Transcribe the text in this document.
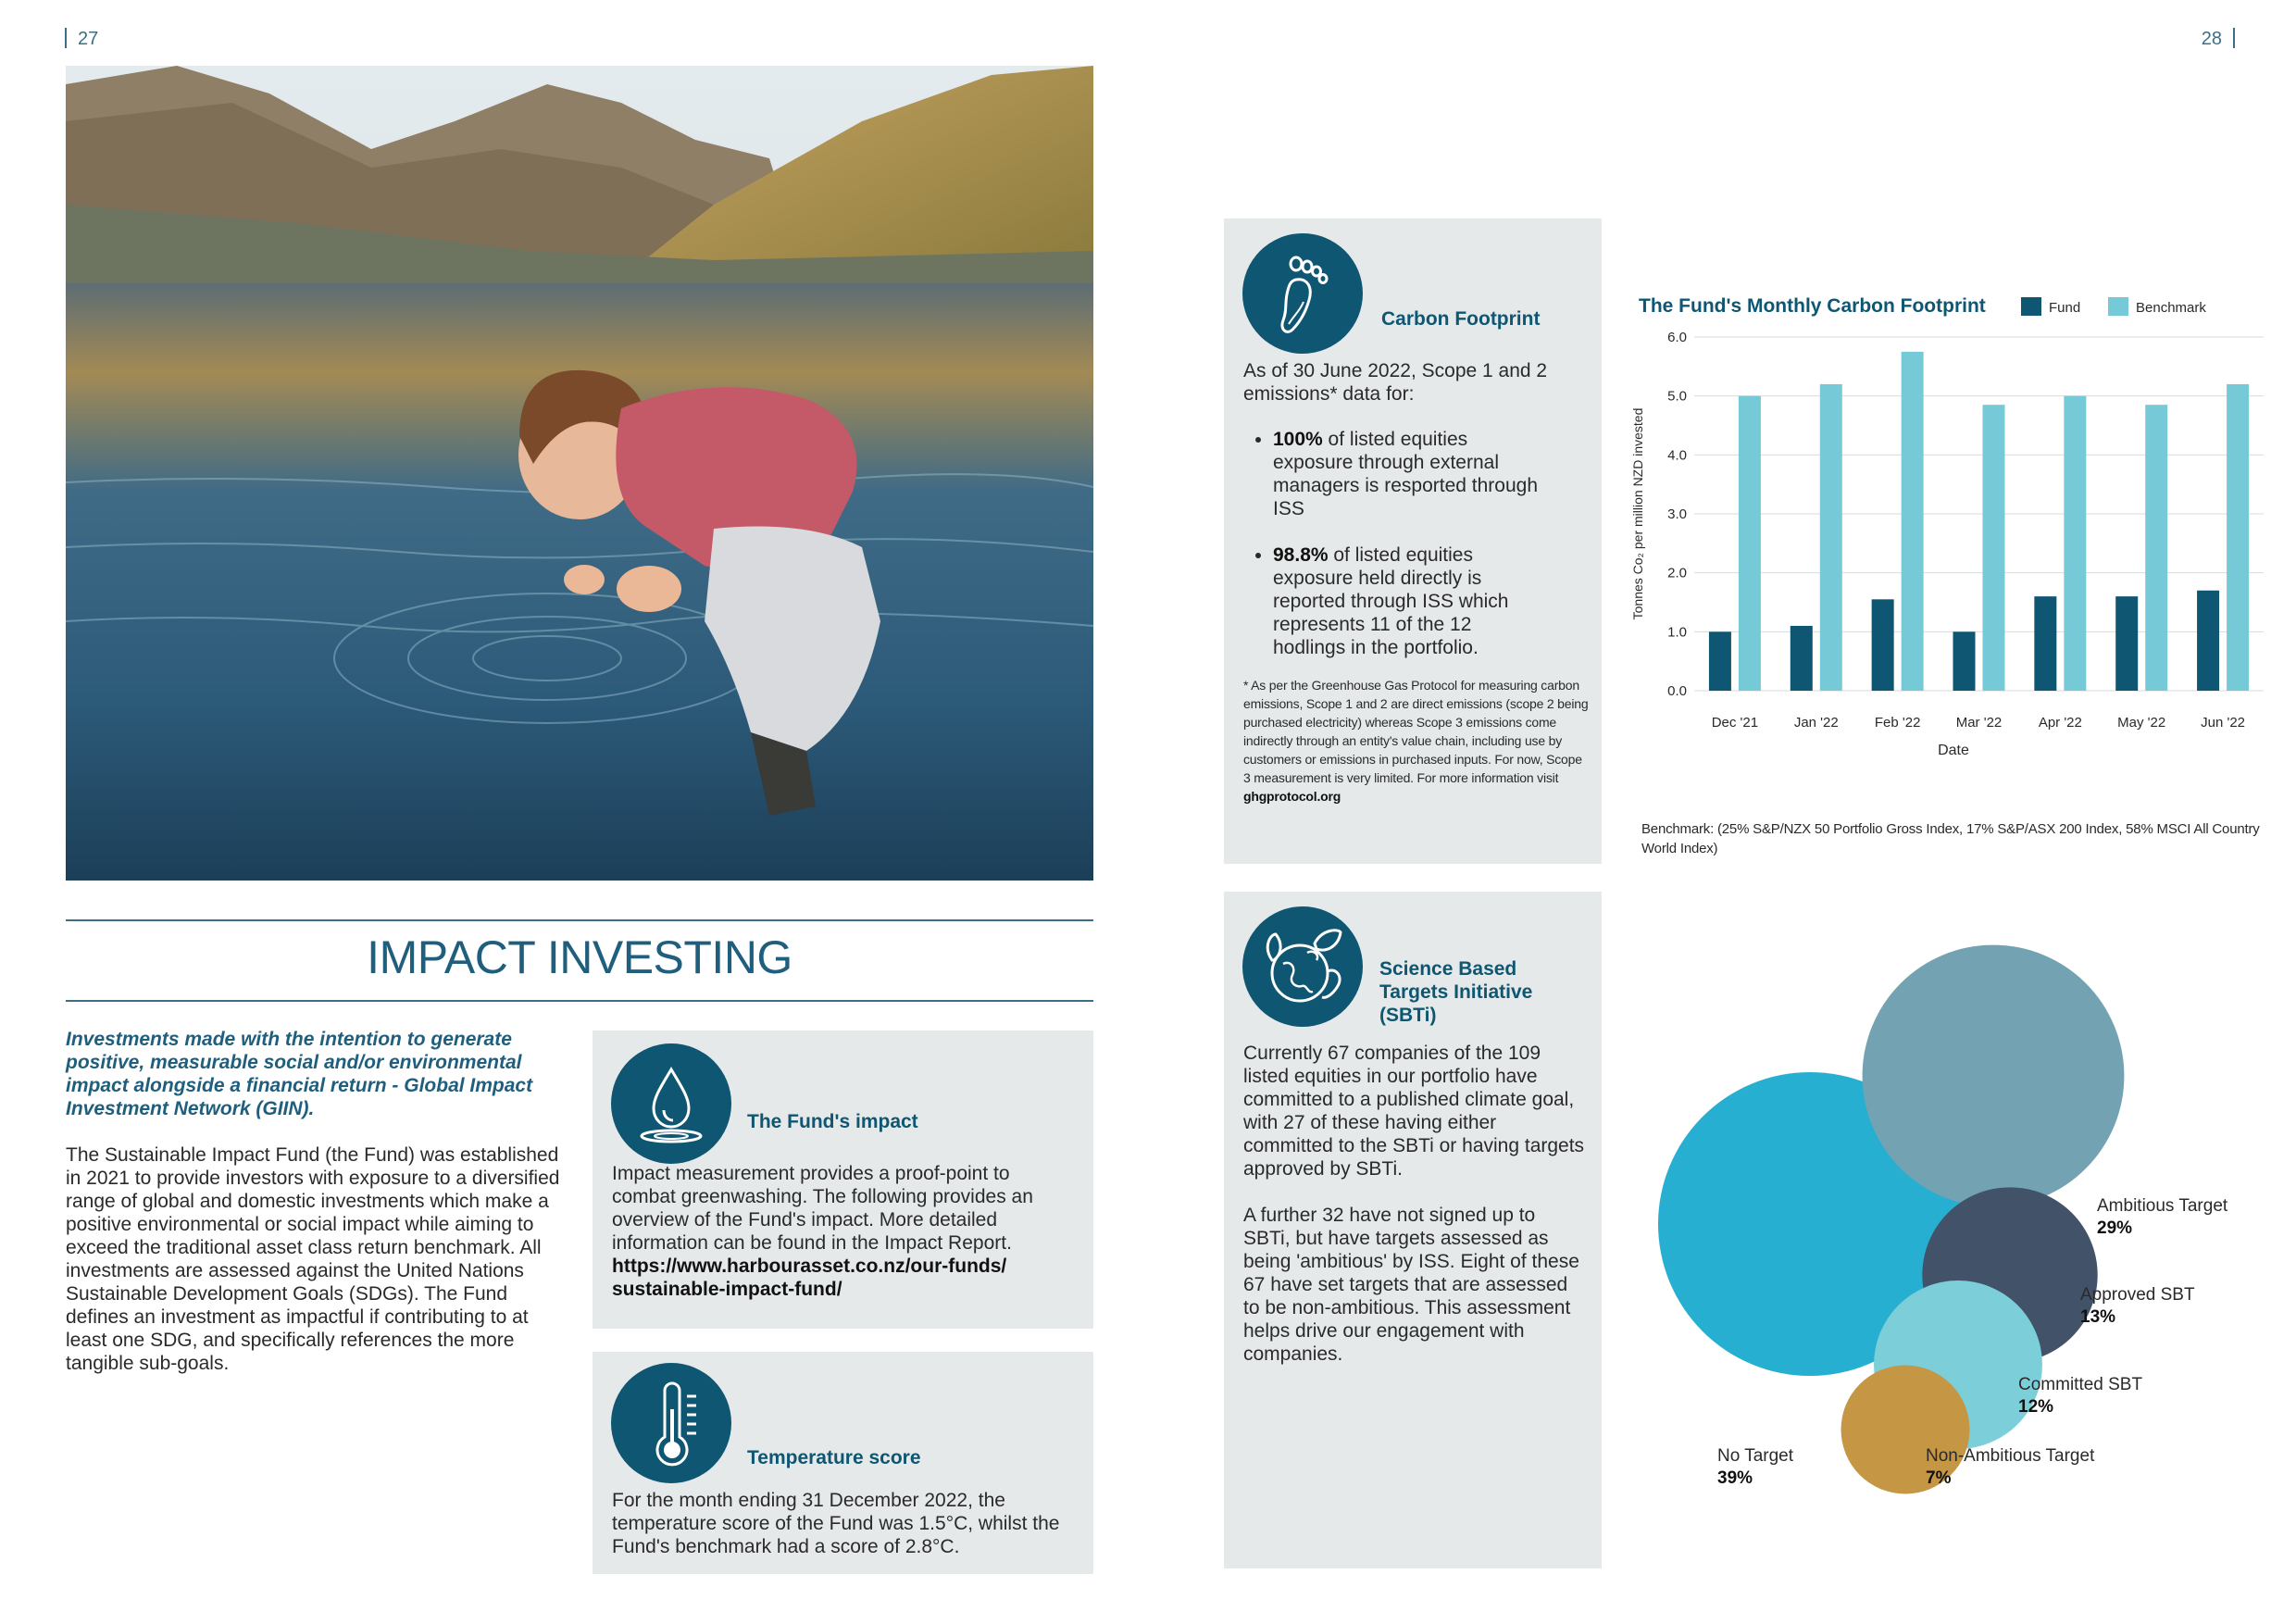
27	28
IMPACT INVESTING
Investments made with the intention to generate positive, measurable social and/or environmental impact alongside a financial return - Global Impact Investment Network (GIIN).
The Sustainable Impact Fund (the Fund) was established in 2021 to provide investors with exposure to a diversified range of global and domestic investments which make a positive environmental or social impact while aiming to exceed the traditional asset class return benchmark. All investments are assessed against the United Nations Sustainable Development Goals (SDGs). The Fund defines an investment as impactful if contributing to at least one SDG, and specifically references the more tangible sub-goals.
The Fund's impact
Impact measurement provides a proof-point to combat greenwashing. The following provides an overview of the Fund's impact. More detailed information can be found in the Impact Report.
https://www.harbourasset.co.nz/our-funds/
sustainable-impact-fund/
Temperature score
For the month ending 31 December 2022, the temperature score of the Fund was 1.5°C, whilst the Fund's benchmark had a score of 2.8°C.
Carbon Footprint
As of 30 June 2022, Scope 1 and 2 emissions* data for:
• 100% of listed equities exposure through external managers is resported through ISS
• 98.8% of listed equities exposure held directly is reported through ISS which represents 11 of the 12 hodlings in the portfolio.
* As per the Greenhouse Gas Protocol for measuring carbon emissions, Scope 1 and 2 are direct emissions (scope 2 being purchased electricity) whereas Scope 3 emissions come indirectly through an entity's value chain, including use by customers or emissions in purchased inputs. For now, Scope 3 measurement is very limited. For more information visit ghgprotocol.org
Science Based
Targets Initiative
(SBTi)
Currently 67 companies of the 109 listed equities in our portfolio have committed to a published climate goal, with 27 of these having either committed to the SBTi or having targets approved by SBTi.
A further 32 have not signed up to SBTi, but have targets assessed as being 'ambitious' by ISS. Eight of these 67 have set targets that are assessed to be non-ambitious. This assessment helps drive our engagement with companies.
The Fund's Monthly Carbon Footprint	Fund	Benchmark
0.0
1.0
2.0
3.0
4.0
5.0
6.0
Dec '21	Jan '22	Feb '22	Mar '22	Apr '22	May '22	Jun '22
Date
Tonnes Co₂ per million NZD invested
Benchmark: (25% S&P/NZX 50 Portfolio Gross Index, 17% S&P/ASX 200 Index, 58% MSCI All Country World Index)
No Target
39%
Ambitious Target
29%
Approved SBT
13%
Committed SBT
12%
Non-Ambitious Target
7%
